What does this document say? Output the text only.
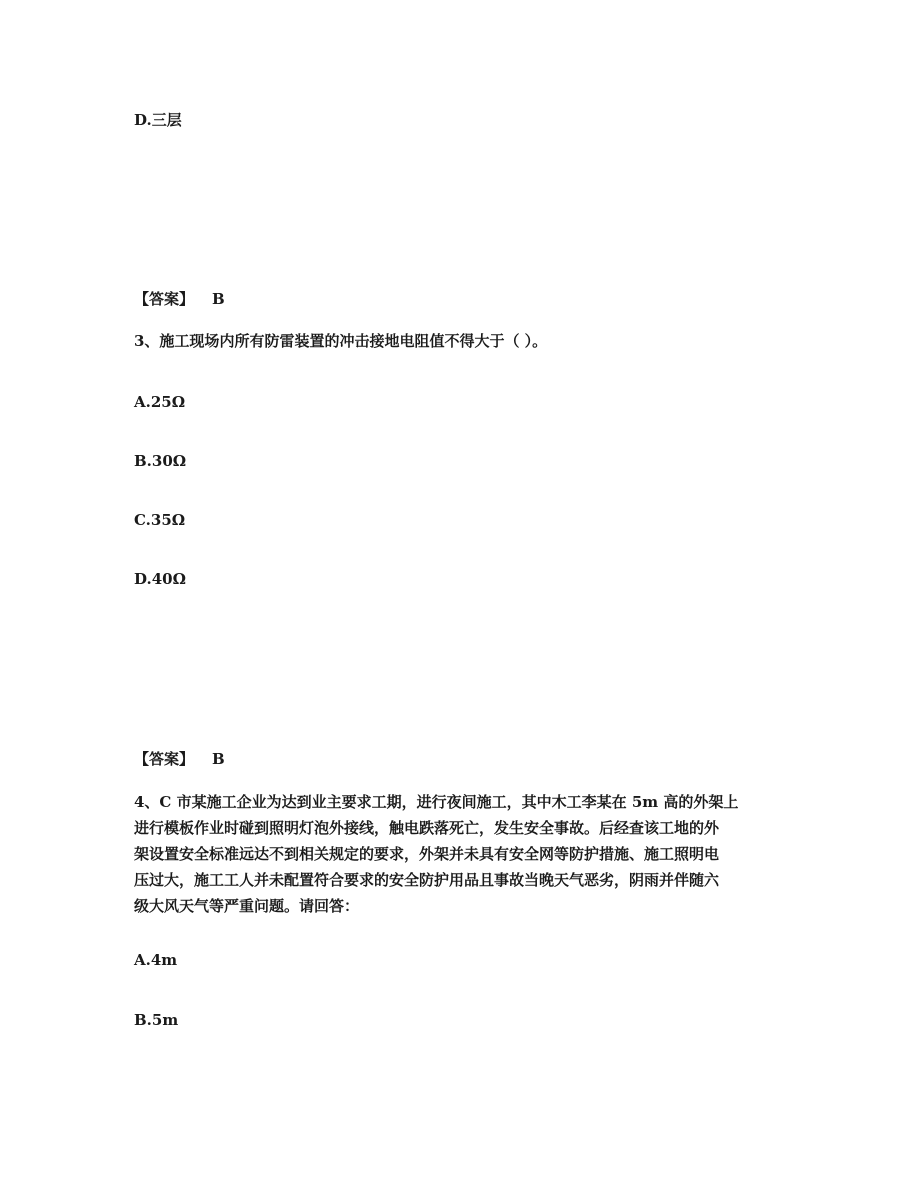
D.三层
【答案】 B
3、施工现场内所有防雷装置的冲击接地电阻值不得大于（ ）。
A.25Ω
B.30Ω
C.35Ω
D.40Ω
【答案】 B
4、C 市某施工企业为达到业主要求工期，进行夜间施工，其中木工李某在 5m 高的外架上
进行模板作业时碰到照明灯泡外接线，触电跌落死亡，发生安全事故。后经查该工地的外
架设置安全标准远达不到相关规定的要求，外架并未具有安全网等防护措施、施工照明电
压过大，施工工人并未配置符合要求的安全防护用品且事故当晚天气恶劣，阴雨并伴随六
级大风天气等严重问题。请回答：
A.4m
B.5m
